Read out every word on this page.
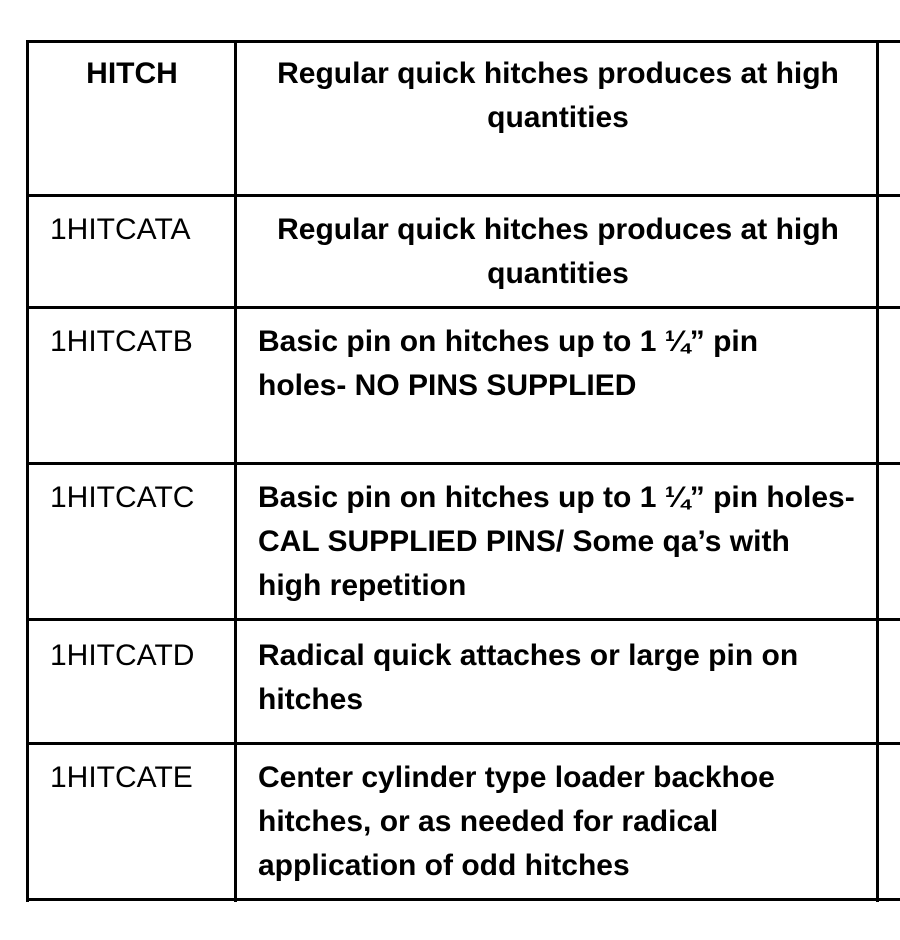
HITCH	Regular quick hitches produces at high quantities
1HITCATA	Regular quick hitches produces at high quantities
1HITCATB	Basic pin on hitches up to 1 ¼” pin holes- NO PINS SUPPLIED
1HITCATC	Basic pin on hitches up to 1 ¼” pin holes- CAL SUPPLIED PINS/ Some qa’s with high repetition
1HITCATD	Radical quick attaches or large pin on hitches
1HITCATE	Center cylinder type loader backhoe hitches, or as needed for radical application of odd hitches
